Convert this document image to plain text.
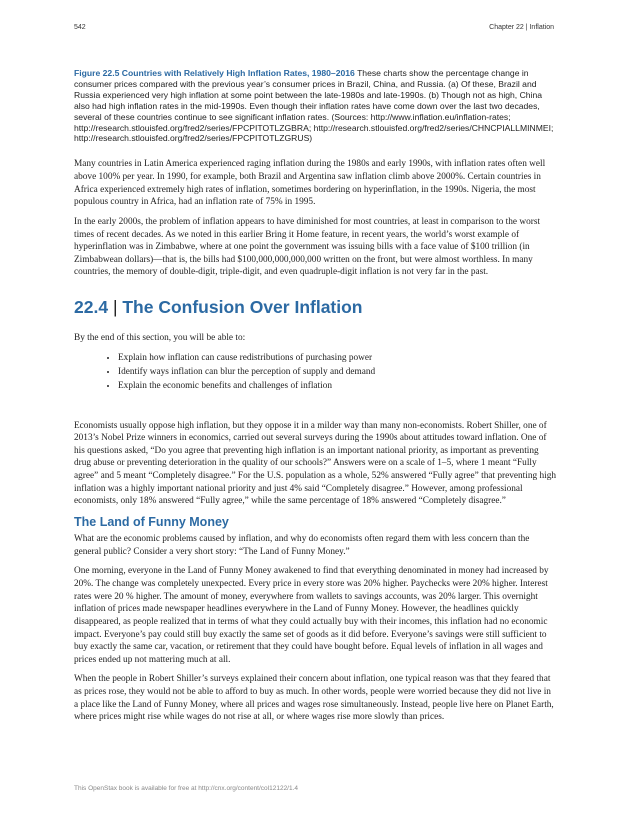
542	Chapter 22 | Inflation

Figure 22.5 Countries with Relatively High Inflation Rates, 1980–2016 These charts show the percentage change in consumer prices compared with the previous year’s consumer prices in Brazil, China, and Russia. (a) Of these, Brazil and Russia experienced very high inflation at some point between the late-1980s and late-1990s. (b) Though not as high, China also had high inflation rates in the mid-1990s. Even though their inflation rates have come down over the last two decades, several of these countries continue to see significant inflation rates. (Sources: http://www.inflation.eu/inflation-rates; http://research.stlouisfed.org/fred2/series/FPCPITOTLZGBRA; http://research.stlouisfed.org/fred2/series/CHNCPIALLMINMEI; http://research.stlouisfed.org/fred2/series/FPCPITOTLZGRUS)

Many countries in Latin America experienced raging inflation during the 1980s and early 1990s, with inflation rates often well above 100% per year. In 1990, for example, both Brazil and Argentina saw inflation climb above 2000%. Certain countries in Africa experienced extremely high rates of inflation, sometimes bordering on hyperinflation, in the 1990s. Nigeria, the most populous country in Africa, had an inflation rate of 75% in 1995.

In the early 2000s, the problem of inflation appears to have diminished for most countries, at least in comparison to the worst times of recent decades. As we noted in this earlier Bring it Home feature, in recent years, the world’s worst example of hyperinflation was in Zimbabwe, where at one point the government was issuing bills with a face value of $100 trillion (in Zimbabwean dollars)—that is, the bills had $100,000,000,000,000 written on the front, but were almost worthless. In many countries, the memory of double-digit, triple-digit, and even quadruple-digit inflation is not very far in the past.

22.4 | The Confusion Over Inflation

By the end of this section, you will be able to:

• Explain how inflation can cause redistributions of purchasing power
• Identify ways inflation can blur the perception of supply and demand
• Explain the economic benefits and challenges of inflation

Economists usually oppose high inflation, but they oppose it in a milder way than many non-economists. Robert Shiller, one of 2013’s Nobel Prize winners in economics, carried out several surveys during the 1990s about attitudes toward inflation. One of his questions asked, “Do you agree that preventing high inflation is an important national priority, as important as preventing drug abuse or preventing deterioration in the quality of our schools?” Answers were on a scale of 1–5, where 1 meant “Fully agree” and 5 meant “Completely disagree.” For the U.S. population as a whole, 52% answered “Fully agree” that preventing high inflation was a highly important national priority and just 4% said “Completely disagree.” However, among professional economists, only 18% answered “Fully agree,” while the same percentage of 18% answered “Completely disagree.”

The Land of Funny Money

What are the economic problems caused by inflation, and why do economists often regard them with less concern than the general public? Consider a very short story: “The Land of Funny Money.”

One morning, everyone in the Land of Funny Money awakened to find that everything denominated in money had increased by 20%. The change was completely unexpected. Every price in every store was 20% higher. Paychecks were 20% higher. Interest rates were 20 % higher. The amount of money, everywhere from wallets to savings accounts, was 20% larger. This overnight inflation of prices made newspaper headlines everywhere in the Land of Funny Money. However, the headlines quickly disappeared, as people realized that in terms of what they could actually buy with their incomes, this inflation had no economic impact. Everyone’s pay could still buy exactly the same set of goods as it did before. Everyone’s savings were still sufficient to buy exactly the same car, vacation, or retirement that they could have bought before. Equal levels of inflation in all wages and prices ended up not mattering much at all.

When the people in Robert Shiller’s surveys explained their concern about inflation, one typical reason was that they feared that as prices rose, they would not be able to afford to buy as much. In other words, people were worried because they did not live in a place like the Land of Funny Money, where all prices and wages rose simultaneously. Instead, people live here on Planet Earth, where prices might rise while wages do not rise at all, or where wages rise more slowly than prices.

This OpenStax book is available for free at http://cnx.org/content/col12122/1.4
